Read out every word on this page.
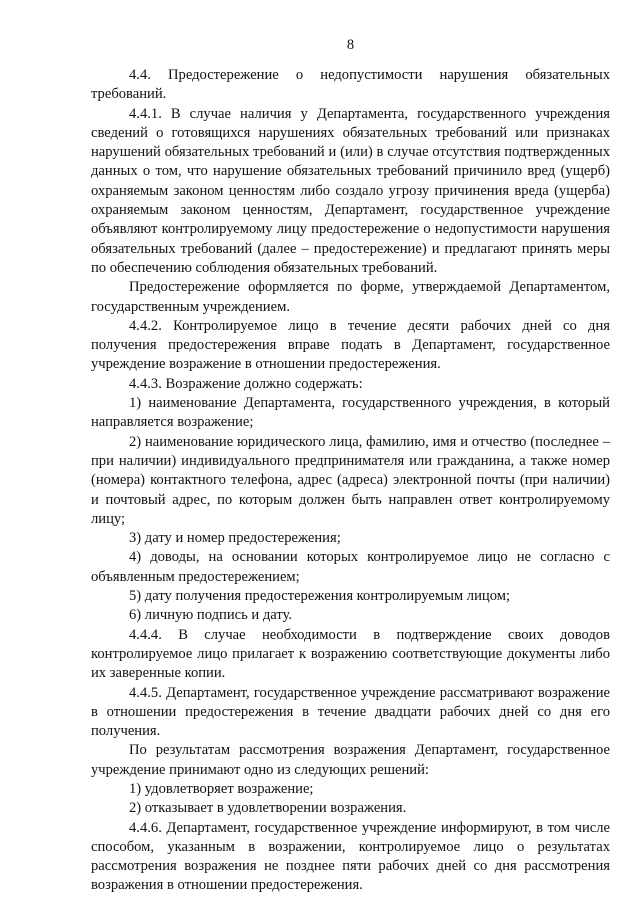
8

4.4. Предостережение о недопустимости нарушения обязательных требований.

4.4.1. В случае наличия у Департамента, государственного учреждения сведений о готовящихся нарушениях обязательных требований или признаках нарушений обязательных требований и (или) в случае отсутствия подтвержденных данных о том, что нарушение обязательных требований причинило вред (ущерб) охраняемым законом ценностям либо создало угрозу причинения вреда (ущерба) охраняемым законом ценностям, Департамент, государственное учреждение объявляют контролируемому лицу предостережение о недопустимости нарушения обязательных требований (далее – предостережение) и предлагают принять меры по обеспечению соблюдения обязательных требований.

Предостережение оформляется по форме, утверждаемой Департаментом, государственным учреждением.

4.4.2. Контролируемое лицо в течение десяти рабочих дней со дня получения предостережения вправе подать в Департамент, государственное учреждение возражение в отношении предостережения.

4.4.3. Возражение должно содержать:

1) наименование Департамента, государственного учреждения, в который направляется возражение;

2) наименование юридического лица, фамилию, имя и отчество (последнее – при наличии) индивидуального предпринимателя или гражданина, а также номер (номера) контактного телефона, адрес (адреса) электронной почты (при наличии) и почтовый адрес, по которым должен быть направлен ответ контролируемому лицу;

3) дату и номер предостережения;

4) доводы, на основании которых контролируемое лицо не согласно с объявленным предостережением;

5) дату получения предостережения контролируемым лицом;

6) личную подпись и дату.

4.4.4. В случае необходимости в подтверждение своих доводов контролируемое лицо прилагает к возражению соответствующие документы либо их заверенные копии.

4.4.5. Департамент, государственное учреждение рассматривают возражение в отношении предостережения в течение двадцати рабочих дней со дня его получения.

По результатам рассмотрения возражения Департамент, государственное учреждение принимают одно из следующих решений:

1) удовлетворяет возражение;

2) отказывает в удовлетворении возражения.

4.4.6. Департамент, государственное учреждение информируют, в том числе способом, указанным в возражении, контролируемое лицо о результатах рассмотрения возражения не позднее пяти рабочих дней со дня рассмотрения возражения в отношении предостережения.
